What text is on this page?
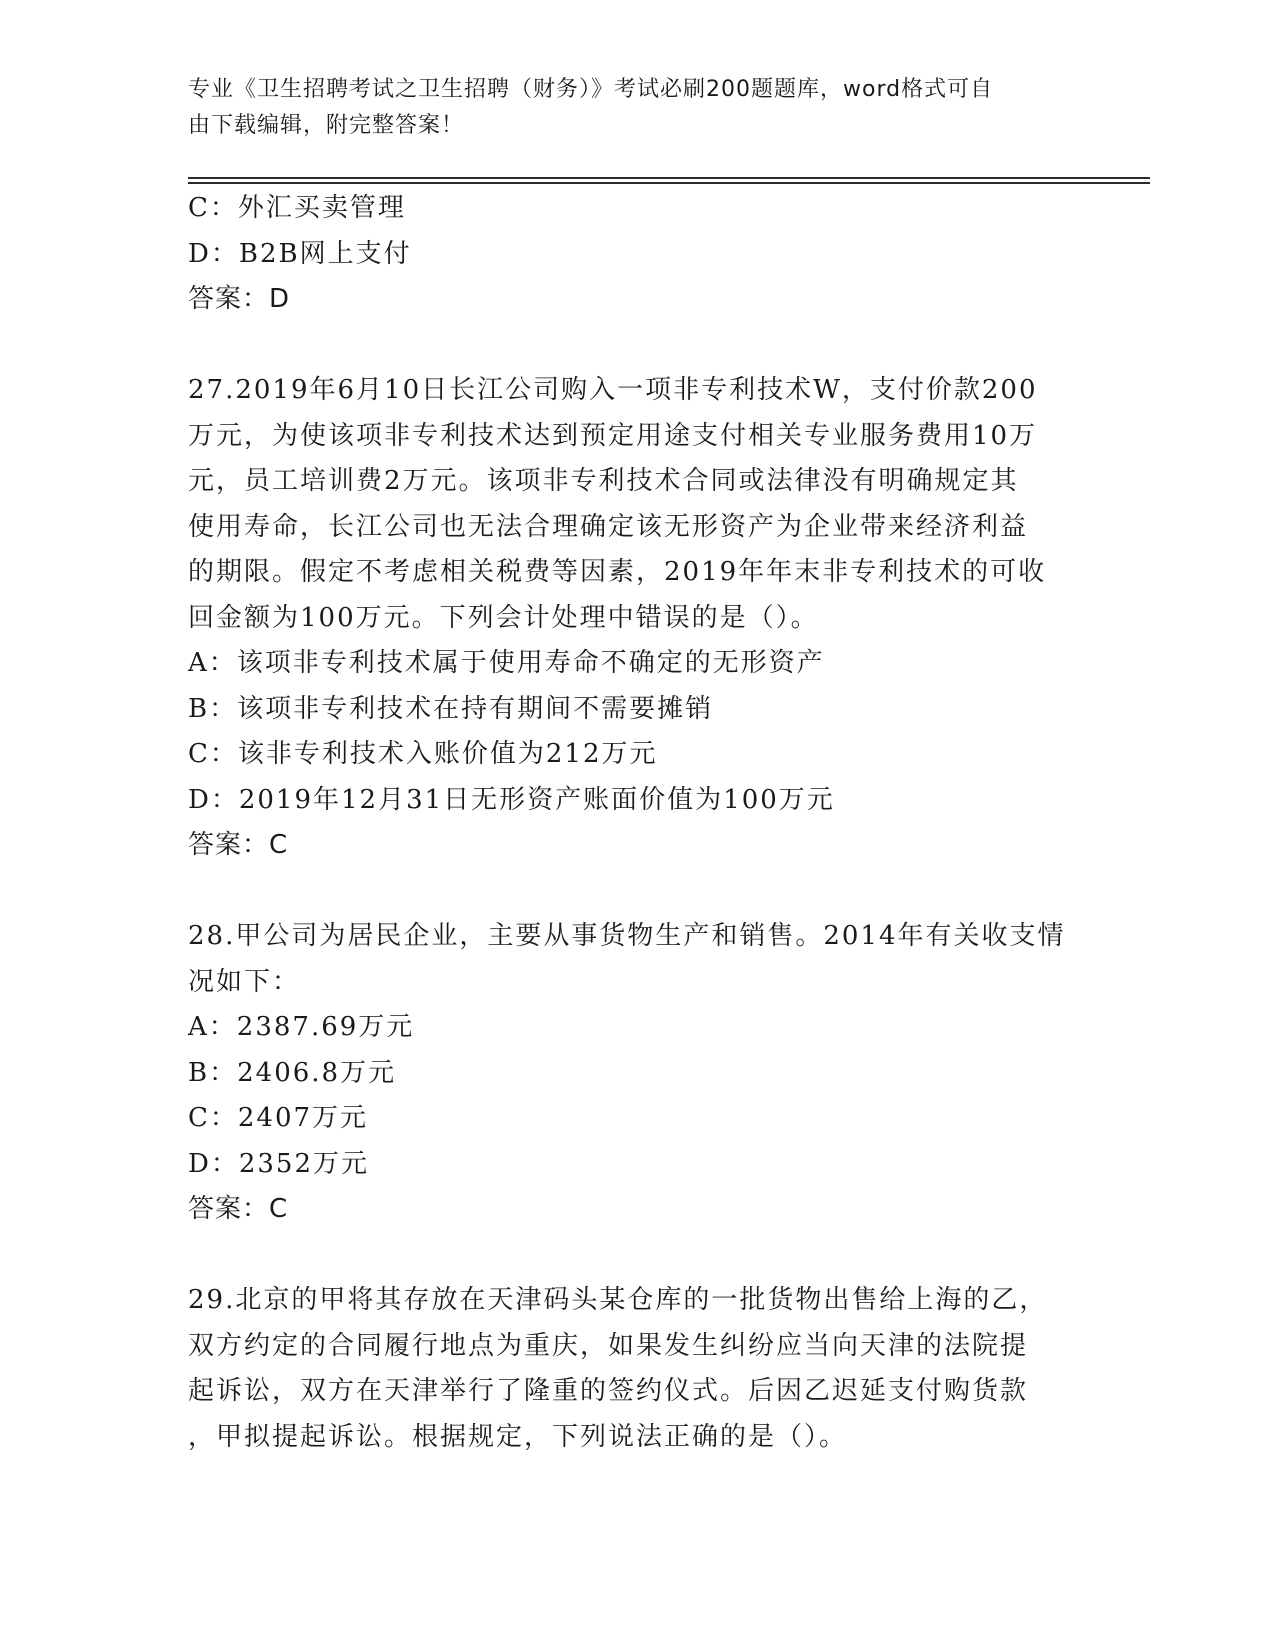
专业《卫生招聘考试之卫生招聘（财务）》考试必刷200题题库，word格式可自
由下载编辑，附完整答案！
C：外汇买卖管理
D：B2B网上支付
答案：D
27.2019年6月10日长江公司购入一项非专利技术W，支付价款200
万元，为使该项非专利技术达到预定用途支付相关专业服务费用10万
元，员工培训费2万元。该项非专利技术合同或法律没有明确规定其
使用寿命，长江公司也无法合理确定该无形资产为企业带来经济利益
的期限。假定不考虑相关税费等因素，2019年年末非专利技术的可收
回金额为100万元。下列会计处理中错误的是（）。
A：该项非专利技术属于使用寿命不确定的无形资产
B：该项非专利技术在持有期间不需要摊销
C：该非专利技术入账价值为212万元
D：2019年12月31日无形资产账面价值为100万元
答案：C
28.甲公司为居民企业，主要从事货物生产和销售。2014年有关收支情
况如下：
A：2387.69万元
B：2406.8万元
C：2407万元
D：2352万元
答案：C
29.北京的甲将其存放在天津码头某仓库的一批货物出售给上海的乙，
双方约定的合同履行地点为重庆，如果发生纠纷应当向天津的法院提
起诉讼，双方在天津举行了隆重的签约仪式。后因乙迟延支付购货款
，甲拟提起诉讼。根据规定，下列说法正确的是（）。
